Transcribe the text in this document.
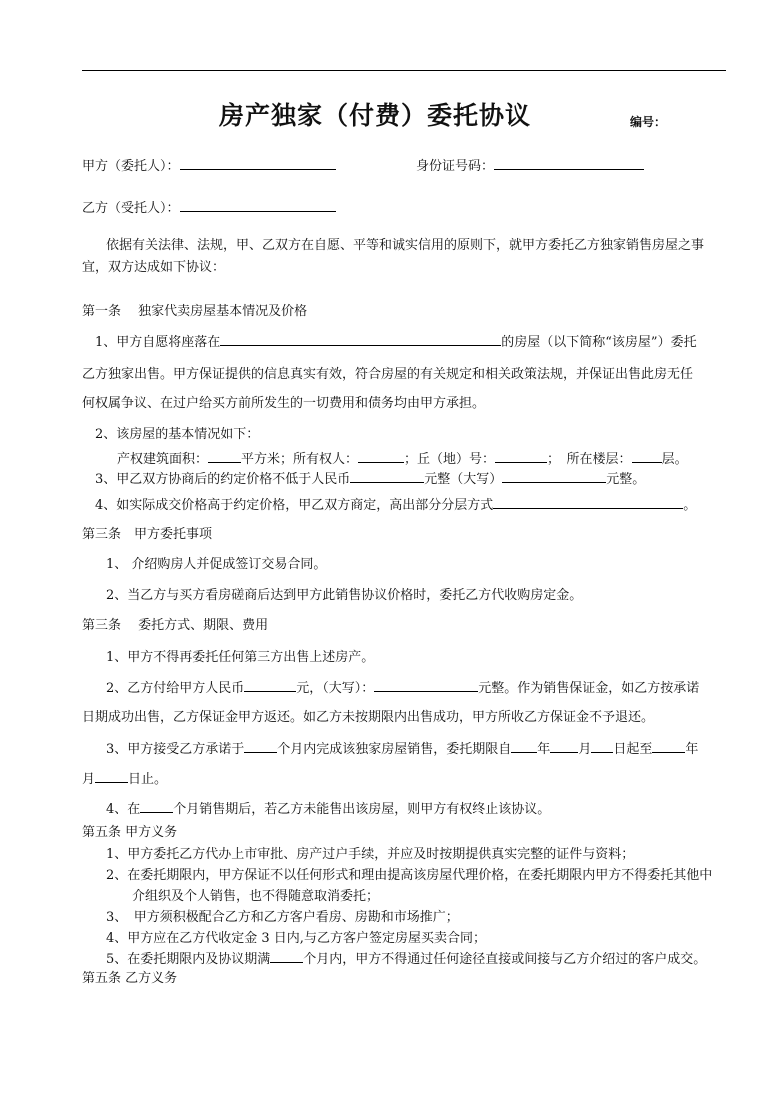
房产独家（付费）委托协议	编号：
甲方（委托人）：	身份证号码：
乙方（受托人）：
依据有关法律、法规，甲、乙双方在自愿、平等和诚实信用的原则下，就甲方委托乙方独家销售房屋之事
宜，双方达成如下协议：
第一条　 独家代卖房屋基本情况及价格
1、甲方自愿将座落在	的房屋（以下简称“该房屋”）委托
乙方独家出售。甲方保证提供的信息真实有效，符合房屋的有关规定和相关政策法规，并保证出售此房无任
何权属争议、在过户给买方前所发生的一切费用和债务均由甲方承担。
2、该房屋的基本情况如下：
产权建筑面积：	平方米；所有权人：	；丘（地）号：	；　所在楼层： 层。
3、甲乙双方协商后的约定价格不低于人民币	元整（大写）	元整。
4、如实际成交价格高于约定价格，甲乙双方商定，高出部分分层方式	。
第三条　甲方委托事项
1、 介绍购房人并促成签订交易合同。
2、当乙方与买方看房磋商后达到甲方此销售协议价格时，委托乙方代收购房定金。
第三条　 委托方式、期限、费用
1、甲方不得再委托任何第三方出售上述房产。
2、乙方付给甲方人民币	元，（大写）：	元整。作为销售保证金，如乙方按承诺
日期成功出售，乙方保证金甲方返还。如乙方未按期限内出售成功，甲方所收乙方保证金不予退还。
3、甲方接受乙方承诺于	个月内完成该独家房屋销售，委托期限自 年 月 日起至	年
月	日止。
4、在	个月销售期后，若乙方未能售出该房屋，则甲方有权终止该协议。
第五条 甲方义务
1、甲方委托乙方代办上市审批、房产过户手续，并应及时按期提供真实完整的证件与资料；
2、在委托期限内，甲方保证不以任何形式和理由提高该房屋代理价格，在委托期限内甲方不得委托其他中
介组织及个人销售，也不得随意取消委托；
3、　甲方须积极配合乙方和乙方客户看房、房勘和市场推广；
4、甲方应在乙方代收定金 3 日内,与乙方客户签定房屋买卖合同；
5、在委托期限内及协议期满	个月内，甲方不得通过任何途径直接或间接与乙方介绍过的客户成交。
第五条 乙方义务
